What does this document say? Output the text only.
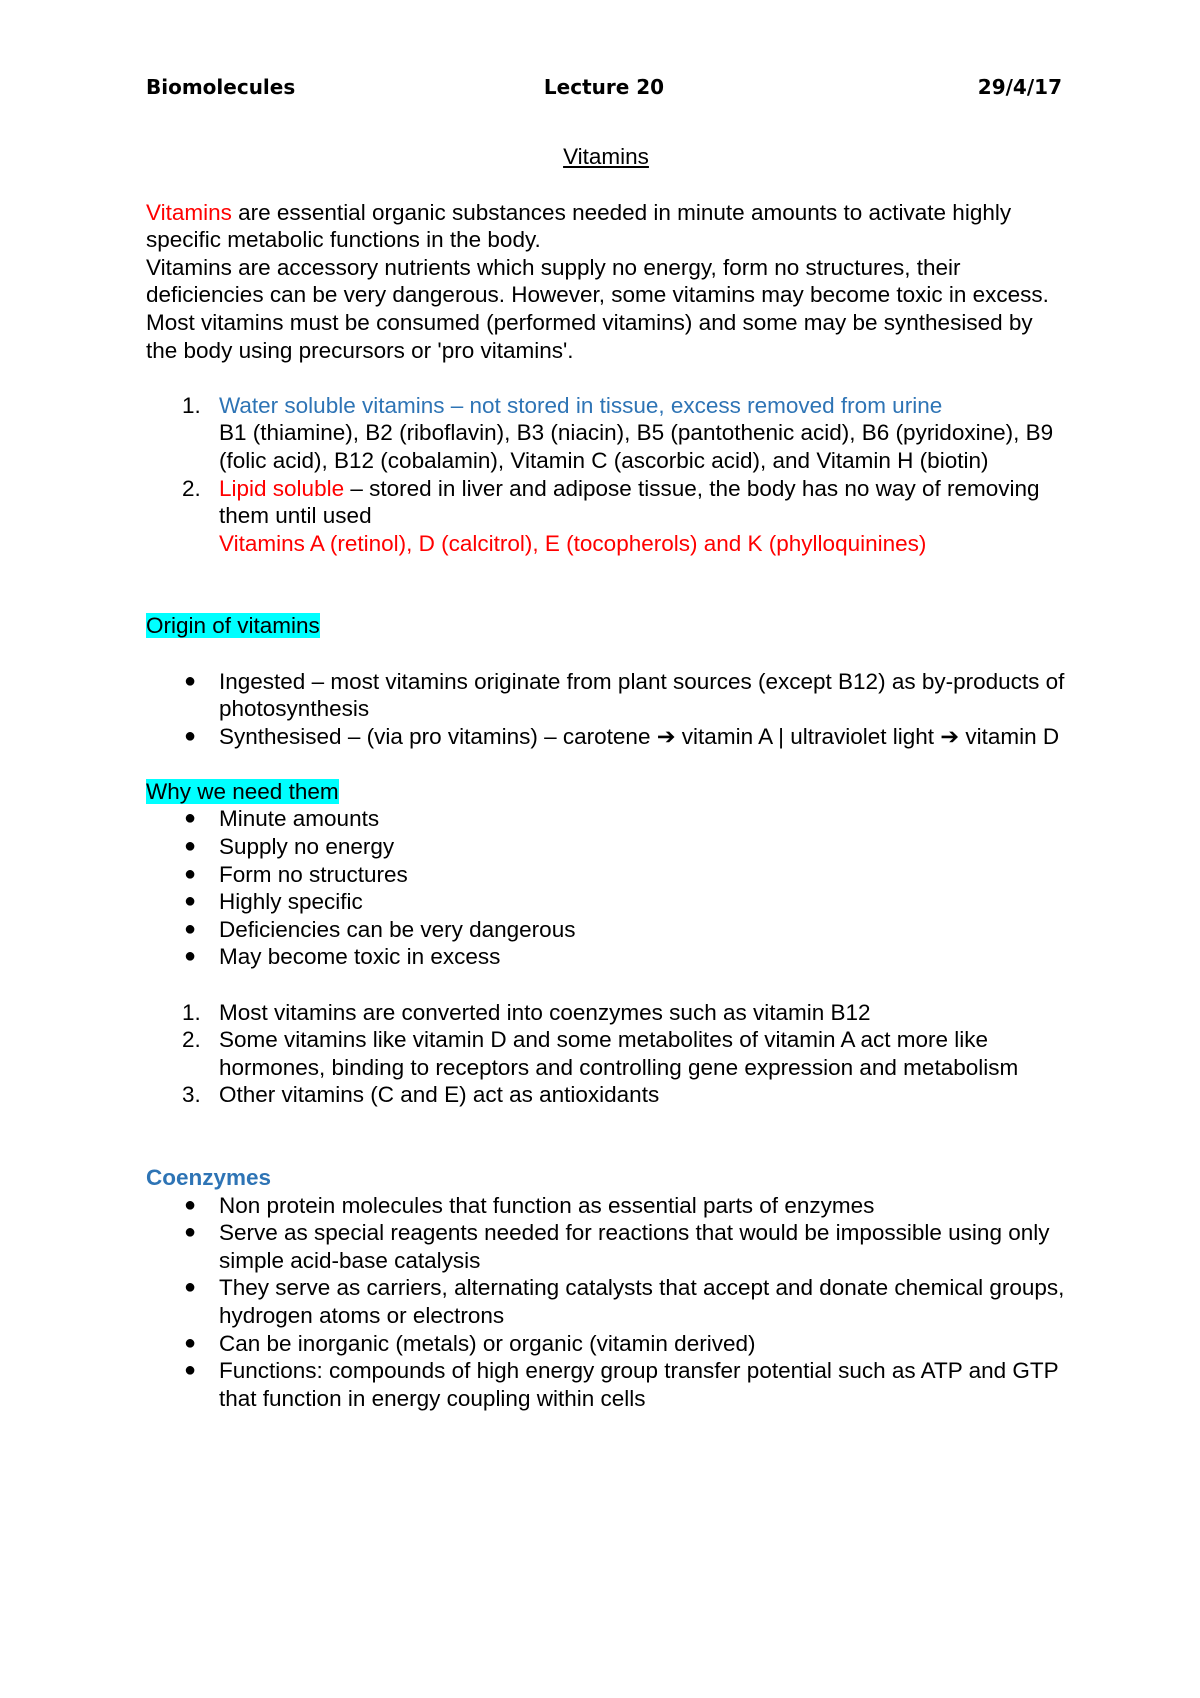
Biomolecules	Lecture 20	29/4/17

Vitamins

Vitamins are essential organic substances needed in minute amounts to activate highly specific metabolic functions in the body.

Vitamins are accessory nutrients which supply no energy, form no structures, their deficiencies can be very dangerous. However, some vitamins may become toxic in excess.

Most vitamins must be consumed (performed vitamins) and some may be synthesised by the body using precursors or 'pro vitamins'.

1. Water soluble vitamins – not stored in tissue, excess removed from urine
B1 (thiamine), B2 (riboflavin), B3 (niacin), B5 (pantothenic acid), B6 (pyridoxine), B9 (folic acid), B12 (cobalamin), Vitamin C (ascorbic acid), and Vitamin H (biotin)
2. Lipid soluble – stored in liver and adipose tissue, the body has no way of removing them until used
Vitamins A (retinol), D (calcitrol), E (tocopherols) and K (phylloquinines)

Origin of vitamins

● Ingested – most vitamins originate from plant sources (except B12) as by-products of photosynthesis
● Synthesised – (via pro vitamins) – carotene ➔ vitamin A | ultraviolet light ➔ vitamin D

Why we need them

● Minute amounts
● Supply no energy
● Form no structures
● Highly specific
● Deficiencies can be very dangerous
● May become toxic in excess
1. Most vitamins are converted into coenzymes such as vitamin B12
2. Some vitamins like vitamin D and some metabolites of vitamin A act more like hormones, binding to receptors and controlling gene expression and metabolism
3. Other vitamins (C and E) act as antioxidants

Coenzymes

● Non protein molecules that function as essential parts of enzymes
● Serve as special reagents needed for reactions that would be impossible using only simple acid-base catalysis
● They serve as carriers, alternating catalysts that accept and donate chemical groups, hydrogen atoms or electrons
● Can be inorganic (metals) or organic (vitamin derived)
● Functions: compounds of high energy group transfer potential such as ATP and GTP that function in energy coupling within cells
